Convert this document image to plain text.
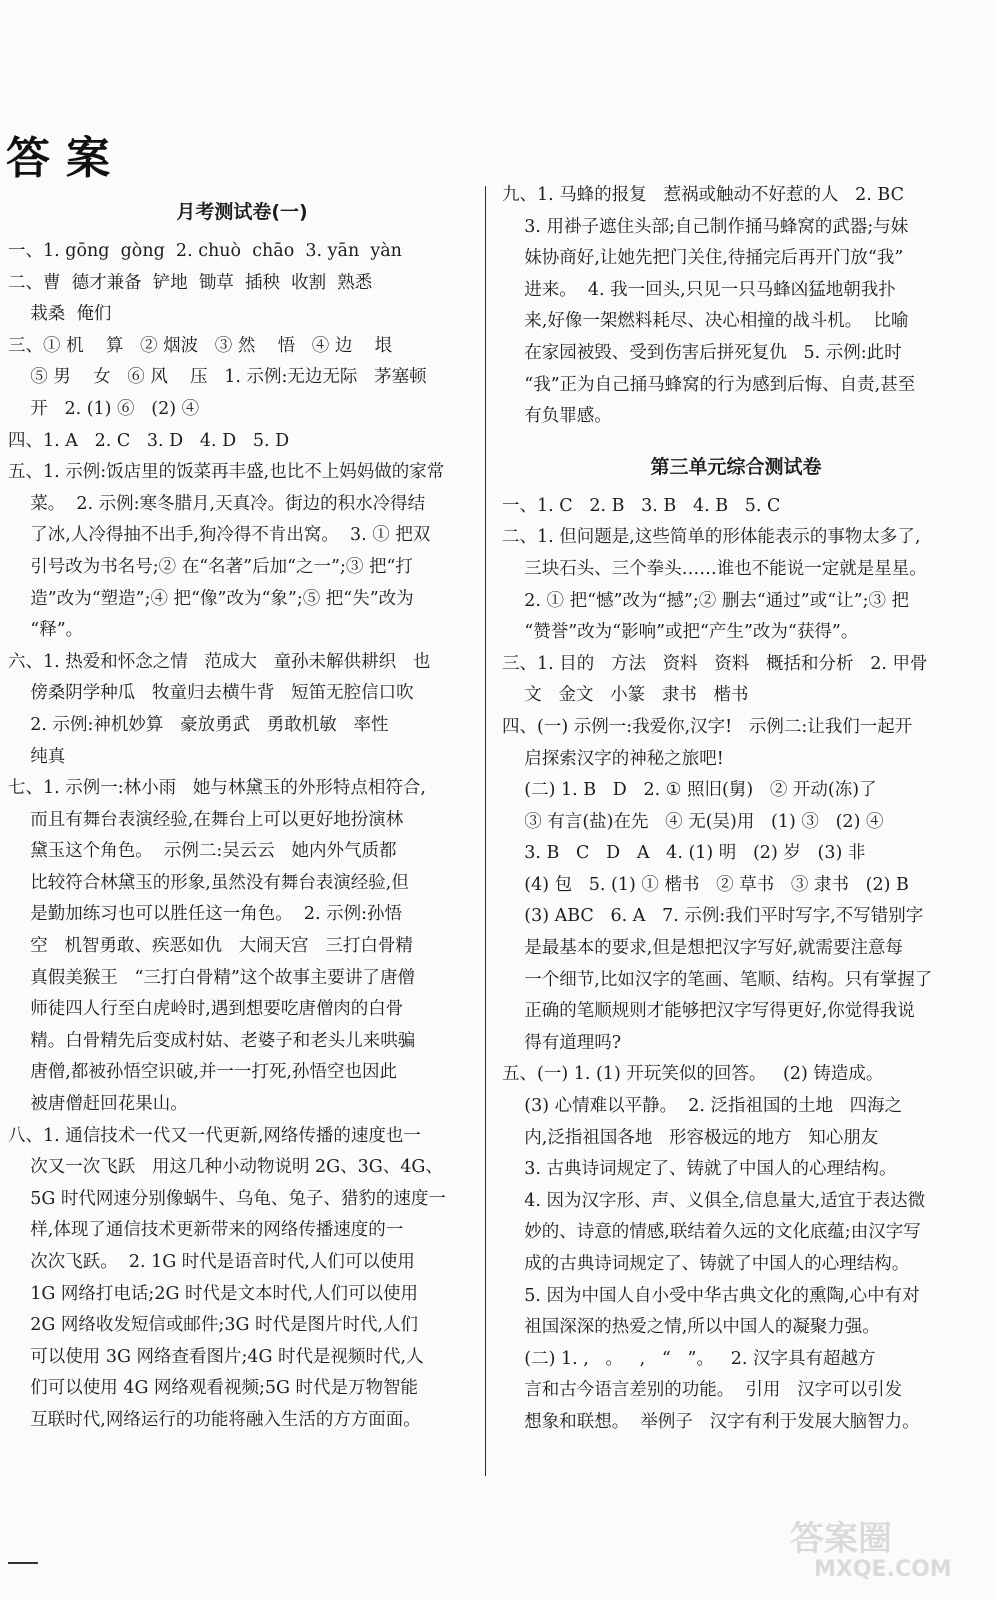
答案
月考测试卷(一)
一、1. gōng  gòng  2. chuò  chāo  3. yān  yàn
二、曹  德才兼备  铲地  锄草  插秧  收割  熟悉
栽桑  俺们
三、① 机    算   ② 烟波   ③ 然    悟   ④ 边    垠
⑤ 男    女   ⑥ 风    压   1. 示例:无边无际   茅塞顿
开   2. (1) ⑥   (2) ④
四、1. A   2. C   3. D   4. D   5. D
五、1. 示例:饭店里的饭菜再丰盛,也比不上妈妈做的家常
菜。  2. 示例:寒冬腊月,天真冷。街边的积水冷得结
了冰,人冷得抽不出手,狗冷得不肯出窝。  3. ① 把双
引号改为书名号;② 在“名著”后加“之一”;③ 把“打
造”改为“塑造”;④ 把“像”改为“象”;⑤ 把“失”改为
“释”。
六、1. 热爱和怀念之情   范成大   童孙未解供耕织   也
傍桑阴学种瓜   牧童归去横牛背   短笛无腔信口吹
2. 示例:神机妙算   豪放勇武   勇敢机敏   率性
纯真
七、1. 示例一:林小雨   她与林黛玉的外形特点相符合,
而且有舞台表演经验,在舞台上可以更好地扮演林
黛玉这个角色。  示例二:吴云云   她内外气质都
比较符合林黛玉的形象,虽然没有舞台表演经验,但
是勤加练习也可以胜任这一角色。  2. 示例:孙悟
空   机智勇敢、疾恶如仇   大闹天宫   三打白骨精
真假美猴王   “三打白骨精”这个故事主要讲了唐僧
师徒四人行至白虎岭时,遇到想要吃唐僧肉的白骨
精。白骨精先后变成村姑、老婆子和老头儿来哄骗
唐僧,都被孙悟空识破,并一一打死,孙悟空也因此
被唐僧赶回花果山。
八、1. 通信技术一代又一代更新,网络传播的速度也一
次又一次飞跃   用这几种小动物说明 2G、3G、4G、
5G 时代网速分别像蜗牛、乌龟、兔子、猎豹的速度一
样,体现了通信技术更新带来的网络传播速度的一
次次飞跃。  2. 1G 时代是语音时代,人们可以使用
1G 网络打电话;2G 时代是文本时代,人们可以使用
2G 网络收发短信或邮件;3G 时代是图片时代,人们
可以使用 3G 网络查看图片;4G 时代是视频时代,人
们可以使用 4G 网络观看视频;5G 时代是万物智能
互联时代,网络运行的功能将融入生活的方方面面。
九、1. 马蜂的报复   惹祸或触动不好惹的人   2. BC
3. 用褂子遮住头部;自己制作捅马蜂窝的武器;与妹
妹协商好,让她先把门关住,待捅完后再开门放“我”
进来。  4. 我一回头,只见一只马蜂凶猛地朝我扑
来,好像一架燃料耗尽、决心相撞的战斗机。  比喻
在家园被毁、受到伤害后拼死复仇   5. 示例:此时
“我”正为自己捅马蜂窝的行为感到后悔、自责,甚至
有负罪感。
第三单元综合测试卷
一、1. C   2. B   3. B   4. B   5. C
二、1. 但问题是,这些简单的形体能表示的事物太多了,
三块石头、三个拳头……谁也不能说一定就是星星。
2. ① 把“憾”改为“撼”;② 删去“通过”或“让”;③ 把
“赞誉”改为“影响”或把“产生”改为“获得”。
三、1. 目的   方法   资料   资料   概括和分析   2. 甲骨
文   金文   小篆   隶书   楷书
四、(一) 示例一:我爱你,汉字!   示例二:让我们一起开
启探索汉字的神秘之旅吧!
(二) 1. B   D   2. ① 照旧(舅)   ② 开动(冻)了
③ 有言(盐)在先   ④ 无(吴)用   (1) ③   (2) ④
3. B   C   D   A   4. (1) 明   (2) 岁   (3) 非
(4) 包   5. (1) ① 楷书   ② 草书   ③ 隶书   (2) B
(3) ABC   6. A   7. 示例:我们平时写字,不写错别字
是最基本的要求,但是想把汉字写好,就需要注意每
一个细节,比如汉字的笔画、笔顺、结构。只有掌握了
正确的笔顺规则才能够把汉字写得更好,你觉得我说
得有道理吗?
五、(一) 1. (1) 开玩笑似的回答。   (2) 铸造成。
(3) 心情难以平静。  2. 泛指祖国的土地   四海之
内,泛指祖国各地   形容极远的地方   知心朋友
3. 古典诗词规定了、铸就了中国人的心理结构。
4. 因为汉字形、声、义俱全,信息量大,适宜于表达微
妙的、诗意的情感,联结着久远的文化底蕴;由汉字写
成的古典诗词规定了、铸就了中国人的心理结构。
5. 因为中国人自小受中华古典文化的熏陶,心中有对
祖国深深的热爱之情,所以中国人的凝聚力强。
(二) 1. ,   。   ,   “   ”。   2. 汉字具有超越方
言和古今语言差别的功能。  引用   汉字可以引发
想象和联想。  举例子   汉字有利于发展大脑智力。
答案圈
MXQE.COM
